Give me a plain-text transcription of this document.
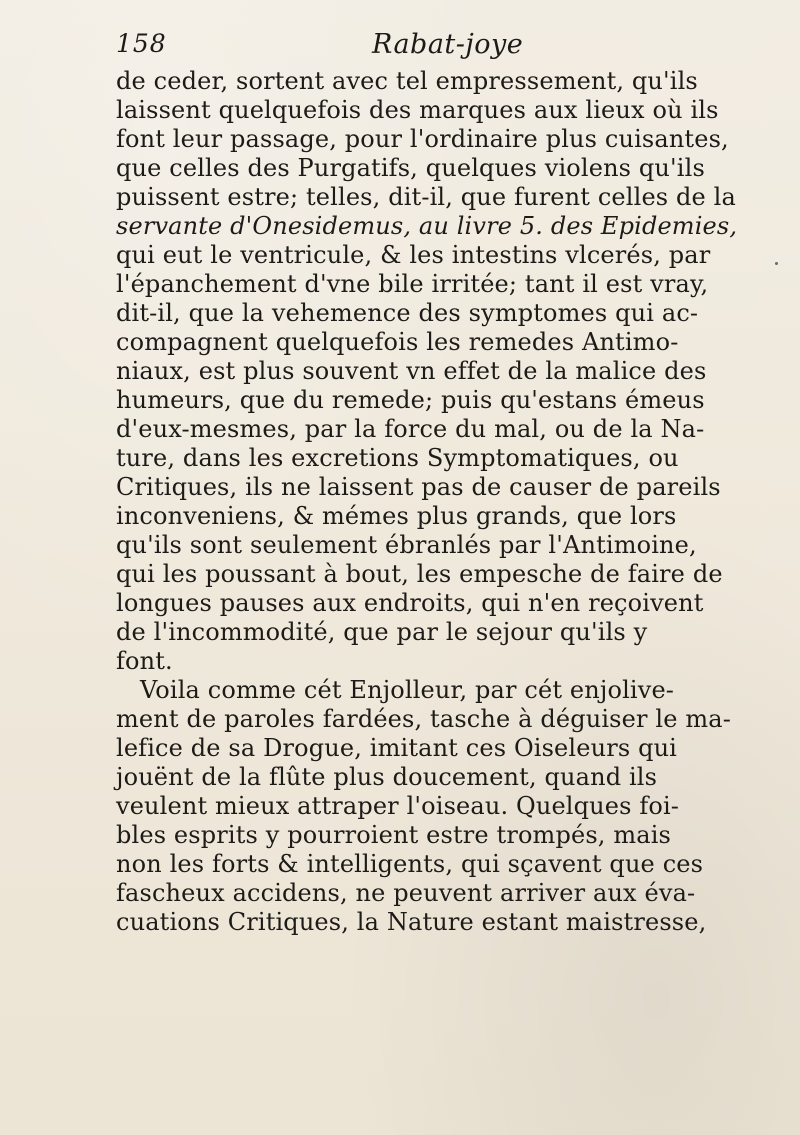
158	Rabat-joye
de ceder, sortent avec tel empressement, qu'ils
laissent quelquefois des marques aux lieux où ils
font leur passage, pour l'ordinaire plus cuisantes,
que celles des Purgatifs, quelques violens qu'ils
puissent estre; telles, dit-il, que furent celles de la
servante d'Onesidemus, au livre 5. des Epidemies,
qui eut le ventricule, & les intestins vlcerés, par
l'épanchement d'vne bile irritée; tant il est vray,
dit-il, que la vehemence des symptomes qui ac-
compagnent quelquefois les remedes Antimo-
niaux, est plus souvent vn effet de la malice des
humeurs, que du remede; puis qu'estans émeus
d'eux-mesmes, par la force du mal, ou de la Na-
ture, dans les excretions Symptomatiques, ou
Critiques, ils ne laissent pas de causer de pareils
inconveniens, & mémes plus grands, que lors
qu'ils sont seulement ébranlés par l'Antimoine,
qui les poussant à bout, les empesche de faire de
longues pauses aux endroits, qui n'en reçoivent
de l'incommodité, que par le sejour qu'ils y
font.
Voila comme cét Enjolleur, par cét enjolive-
ment de paroles fardées, tasche à déguiser le ma-
lefice de sa Drogue, imitant ces Oiseleurs qui
jouënt de la flûte plus doucement, quand ils
veulent mieux attraper l'oiseau. Quelques foi-
bles esprits y pourroient estre trompés, mais
non les forts & intelligents, qui sçavent que ces
fascheux accidens, ne peuvent arriver aux éva-
cuations Critiques, la Nature estant maistresse,
